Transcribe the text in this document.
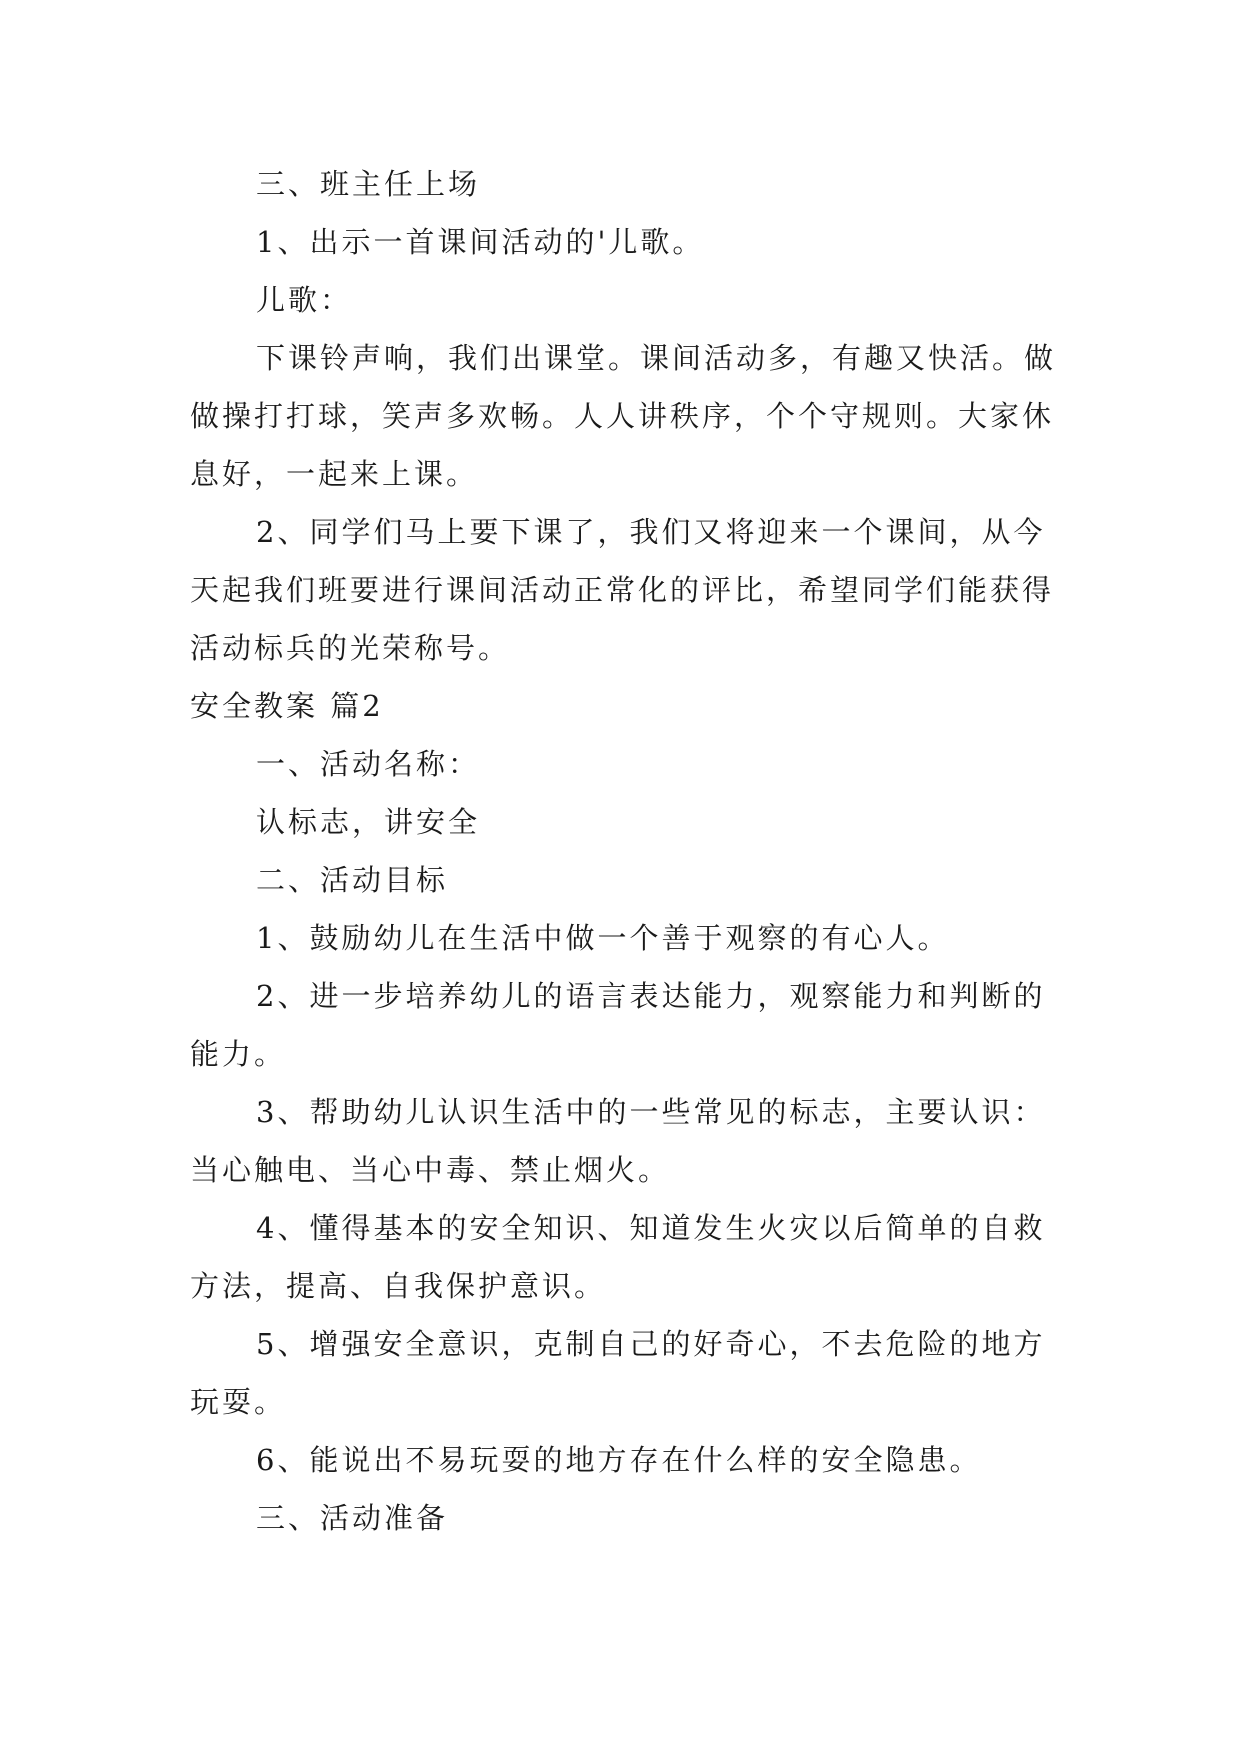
三、班主任上场

1、出示一首课间活动的'儿歌。

儿歌：

下课铃声响，我们出课堂。课间活动多，有趣又快活。做做操打打球，笑声多欢畅。人人讲秩序，个个守规则。大家休息好，一起来上课。

2、同学们马上要下课了，我们又将迎来一个课间，从今天起我们班要进行课间活动正常化的评比，希望同学们能获得活动标兵的光荣称号。

安全教案 篇2

一、活动名称：

认标志，讲安全

二、活动目标

1、鼓励幼儿在生活中做一个善于观察的有心人。

2、进一步培养幼儿的语言表达能力，观察能力和判断的能力。

3、帮助幼儿认识生活中的一些常见的标志，主要认识：当心触电、当心中毒、禁止烟火。

4、懂得基本的安全知识、知道发生火灾以后简单的自救方法，提高、自我保护意识。

5、增强安全意识，克制自己的好奇心，不去危险的地方玩耍。

6、能说出不易玩耍的地方存在什么样的安全隐患。

三、活动准备
